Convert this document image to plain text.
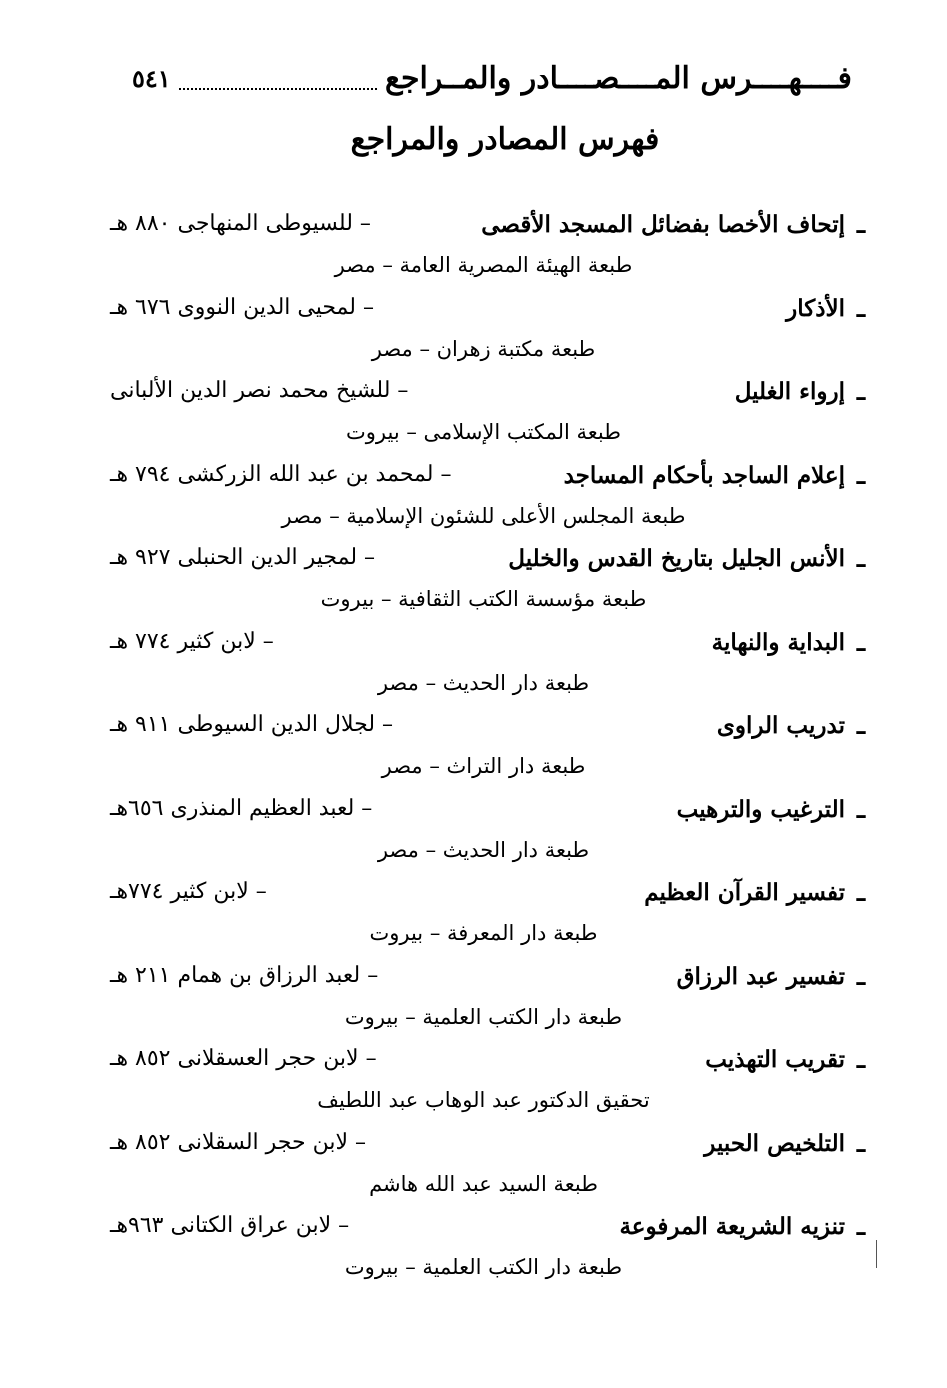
فــــهــــرس المــــصــــادر والمــراجع
٥٤١
فهرس المصادر والمراجع
–
إتحاف الأخصا بفضائل المسجد الأقصى
– للسيوطى المنهاجى ٨٨٠ هـ
طبعة الهيئة المصرية العامة – مصر
–
الأذكار
– لمحيى الدين النووى ٦٧٦ هـ
طبعة مكتبة زهران – مصر
–
إرواء الغليل
– للشيخ محمد نصر الدين الألبانى
طبعة المكتب الإسلامى – بيروت
–
إعلام الساجد بأحكام المساجد
– لمحمد بن عبد الله الزركشى ٧٩٤ هـ
طبعة المجلس الأعلى للشئون الإسلامية – مصر
–
الأنس الجليل بتاريخ القدس والخليل
– لمجير الدين الحنبلى ٩٢٧ هـ
طبعة مؤسسة الكتب الثقافية – بيروت
–
البداية والنهاية
– لابن كثير ٧٧٤ هـ
طبعة دار الحديث – مصر
–
تدريب الراوى
– لجلال الدين السيوطى ٩١١ هـ
طبعة دار التراث – مصر
–
الترغيب والترهيب
– لعبد العظيم المنذرى ٦٥٦هـ
طبعة دار الحديث – مصر
–
تفسير القرآن العظيم
– لابن كثير ٧٧٤هـ
طبعة دار المعرفة – بيروت
–
تفسير عبد الرزاق
– لعبد الرزاق بن همام ٢١١ هـ
طبعة دار الكتب العلمية – بيروت
–
تقريب التهذيب
– لابن حجر العسقلانى ٨٥٢ هـ
تحقيق الدكتور عبد الوهاب عبد اللطيف
–
التلخيص الحبير
– لابن حجر السقلانى ٨٥٢ هـ
طبعة السيد عبد الله هاشم
–
تنزيه الشريعة المرفوعة
– لابن عراق الكتانى ٩٦٣هـ
طبعة دار الكتب العلمية – بيروت
